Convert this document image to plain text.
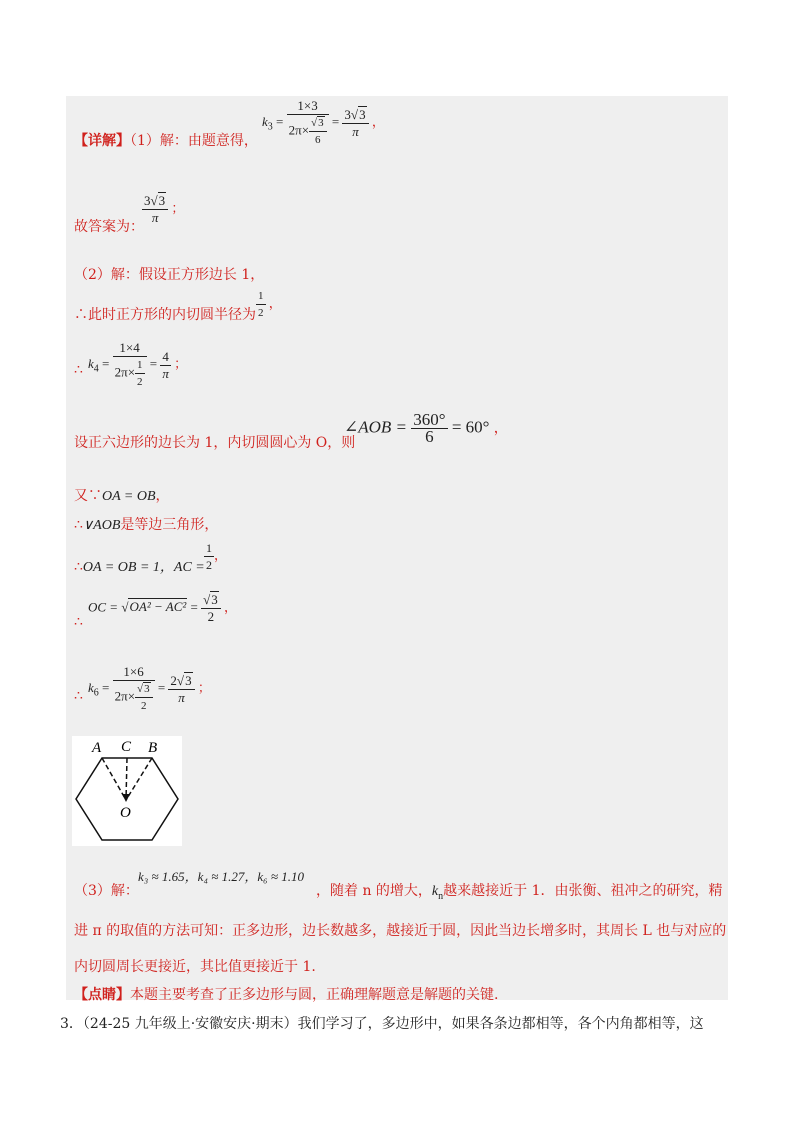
【详解】（1）解：由题意得，
$k_3 = \frac{1\times 3}{2\pi\times \frac{√3}{6}} = \frac{3√3}{\pi}$ ，
故答案为：
$\frac{3√3}{\pi}$ ；
（2）解：假设正方形边长 1，
∴此时正方形的内切圆半径为 $\frac{1}{2}$ ，
∴ $k_4 = \frac{1\times 4}{2\pi\times \frac{1}{2}} = \frac{4}{\pi}$ ；
设正六边形的边长为 1，内切圆圆心为 O，则
∠AOB = $\frac{360^\circ}{6} = 60^\circ$ ，
又∵OA = OB，
∴∨AOB是等边三角形，
∴OA = OB = 1，AC = $\frac{1}{2}$ ，
∴
OC = $√OA^2 - AC^2 = \frac{√3}{2}$ ，
∴
$k_6 = \frac{1\times 6}{2\pi\times \frac{√3}{2}} = \frac{2√3}{\pi}$ ；
A C B
O
（3）解：
k₃ ≈ 1.65，k₄ ≈ 1.27，k₆ ≈ 1.10
，随着 n 的增大，$k_n$越来越接近于 1．由张衡、祖冲之的研究，精
进 π 的取值的方法可知：正多边形，边长数越多，越接近于圆，因此当边长增多时，其周长 L 也与对应的
内切圆周长更接近，其比值更接近于 1.
【点睛】本题主要考查了正多边形与圆，正确理解题意是解题的关键.
3．（24-25 九年级上·安徽安庆·期末）我们学习了，多边形中，如果各条边都相等，各个内角都相等，这
